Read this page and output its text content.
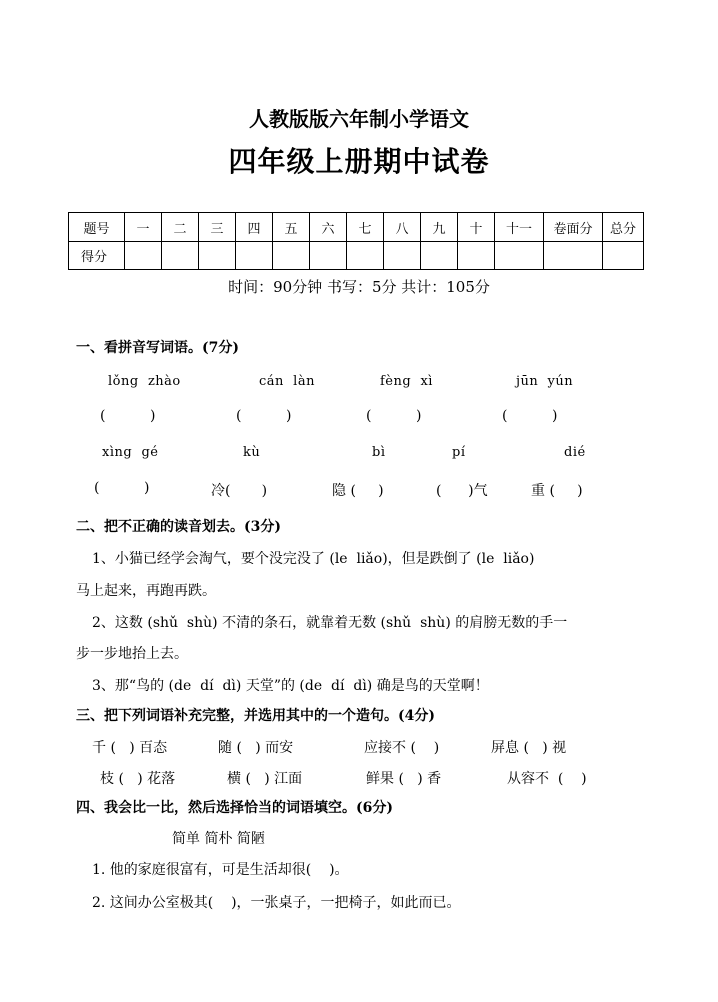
人教版版六年制小学语文
四年级上册期中试卷
题号	一	二	三	四	五	六	七	八	九	十	十一	卷面分	总分
得分													
时间：90分钟 书写：5分 共计：105分
一、看拼音写词语。(7分)
lǒng  zhào	cán  làn	fèng  xì	jūn  yún
(          )	(          )	(          )	(          )
xìng  gé	kù	bì	pí	dié
(          )	冷(       )	隐 (     )	(      )气	重 (     )
二、把不正确的读音划去。(3分)
1、小猫已经学会淘气，要个没完没了 (le  liǎo)，但是跌倒了 (le  liǎo)
马上起来，再跑再跌。
2、这数 (shǔ  shù) 不清的条石，就靠着无数 (shǔ  shù) 的肩膀无数的手一
步一步地抬上去。
3、那“鸟的 (de  dí  dì) 天堂”的 (de  dí  dì) 确是鸟的天堂啊！
三、把下列词语补充完整，并选用其中的一个造句。(4分)
千 (   ) 百态	随 (   ) 而安	应接不 (    )	屏息 (   ) 视
枝 (   ) 花落	横 (   ) 江面	鲜果 (   ) 香	从容不  (    )
四、我会比一比，然后选择恰当的词语填空。(6分)
简单 简朴 简陋
1. 他的家庭很富有，可是生活却很(    )。
2. 这间办公室极其(    )，一张桌子，一把椅子，如此而已。
